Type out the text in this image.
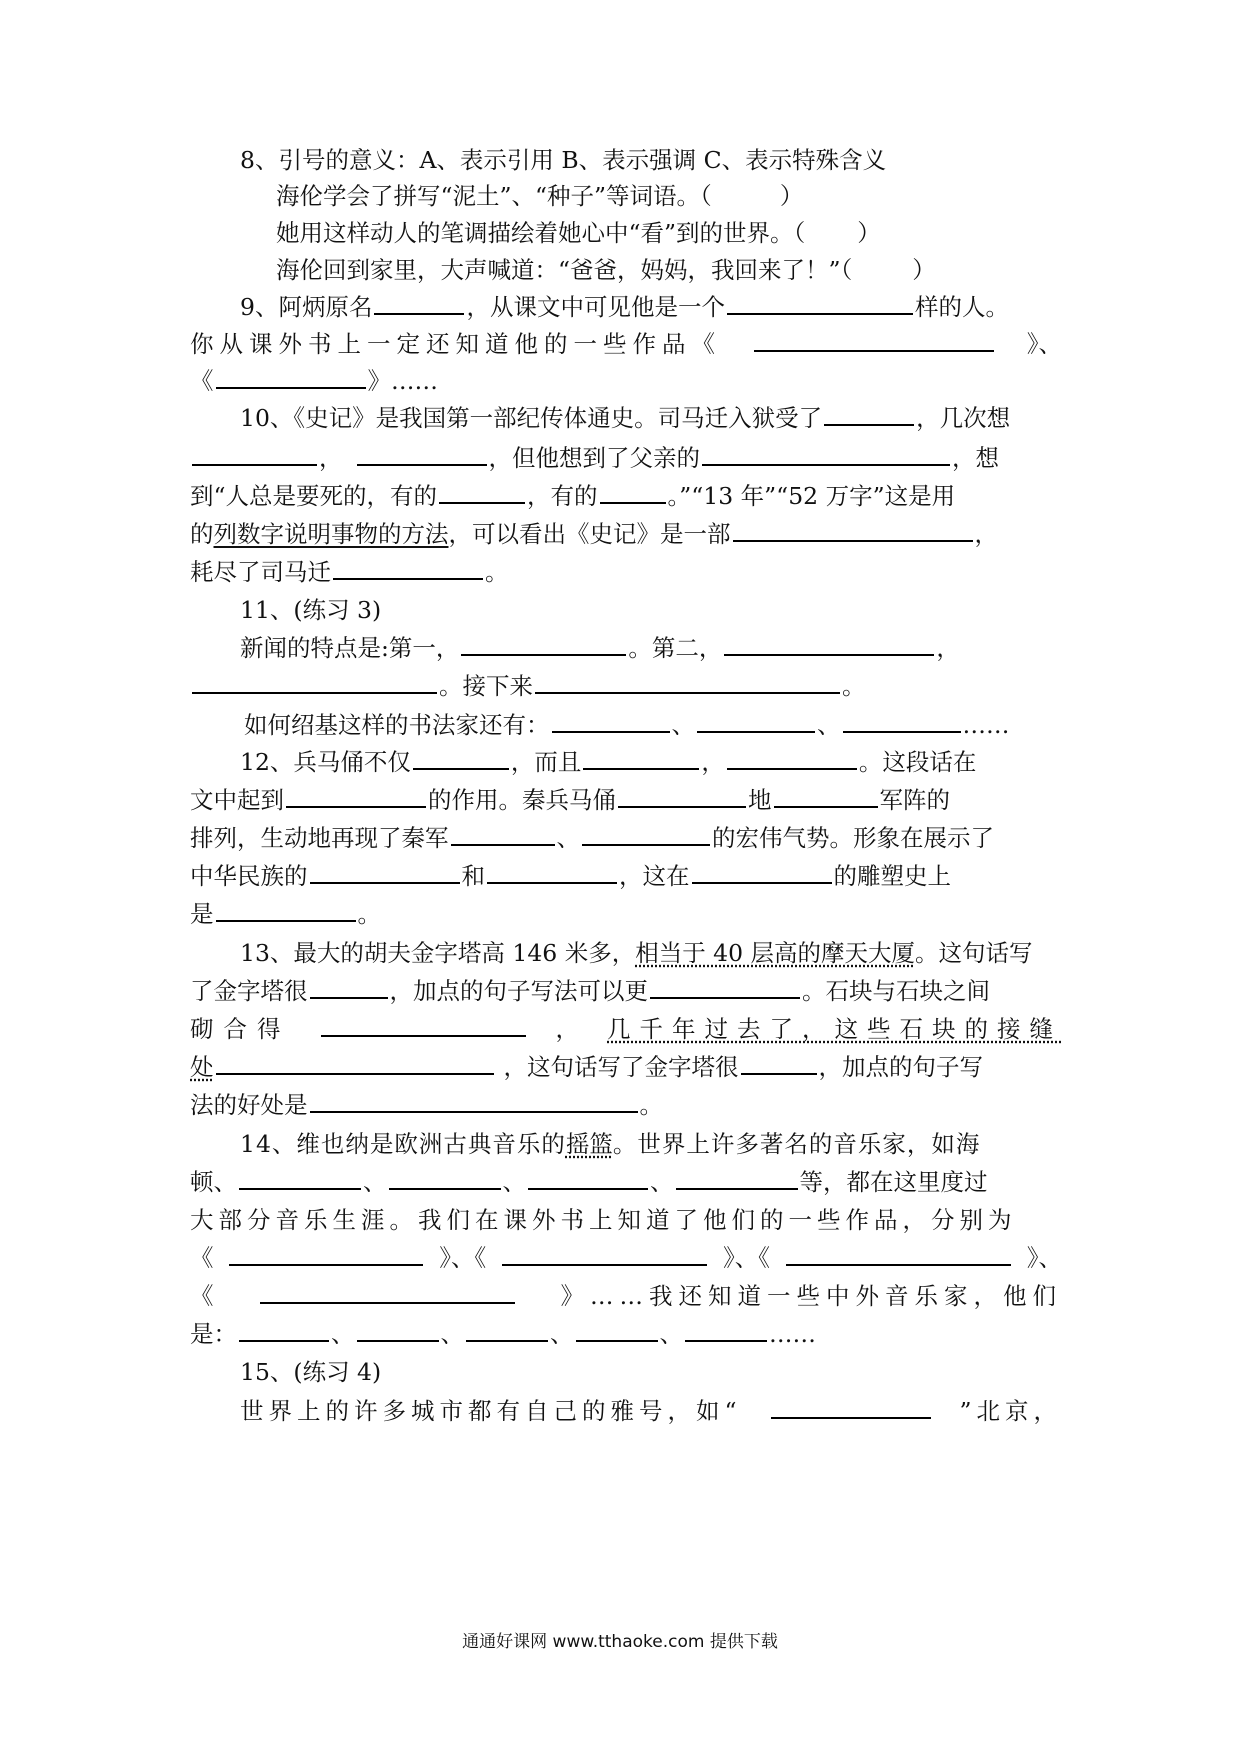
8、引号的意义：A、表示引用 B、表示强调 C、表示特殊含义
海伦学会了拼写“泥土”、“种子”等词语。（	）
她用这样动人的笔调描绘着她心中“看”到的世界。（ ）
海伦回到家里，大声喊道：“爸爸，妈妈，我回来了！”（	）
9、阿炳原名	，从课文中可见他是一个	样的人。
你从课外书上一定还知道他的一些作品《	》、
《	》……
10、《史记》是我国第一部纪传体通史。司马迁入狱受了	，几次想
，	，但他想到了父亲的	，想
到“人总是要死的，有的	，有的	。”“13 年”“52 万字”这是用
的列数字说明事物的方法，可以看出《史记》是一部	，
耗尽了司马迁	。
11、(练习 3)
新闻的特点是:第一，	。第二，	，
。接下来	。
如何绍基这样的书法家还有：	、	、	……
12、兵马俑不仅	，而且	，	。这段话在
文中起到	的作用。秦兵马俑	地	军阵的
排列，生动地再现了秦军	、	的宏伟气势。形象在展示了
中华民族的	和	，这在	的雕塑史上
是	。
13、最大的胡夫金字塔高 146 米多，相当于 40 层高的摩天大厦。这句话写
了金字塔很	，加点的句子写法可以更	。石块与石块之间
砌合得	， 几千年过去了，这些石块的接缝
处	，这句话写了金字塔很	，加点的句子写
法的好处是	。
14、维也纳是欧洲古典音乐的摇篮。世界上许多著名的音乐家，如海
顿、	、	、	、	等，都在这里度过
大部分音乐生涯。我们在课外书上知道了他们的一些作品，分别为
《	》、《	》、《	》、
《	》……我还知道一些中外音乐家，他们
是：	、	、	、	、	……
15、(练习 4)
世界上的许多城市都有自己的雅号，如“	”北京，
通通好课网 www.tthaoke.com 提供下载
